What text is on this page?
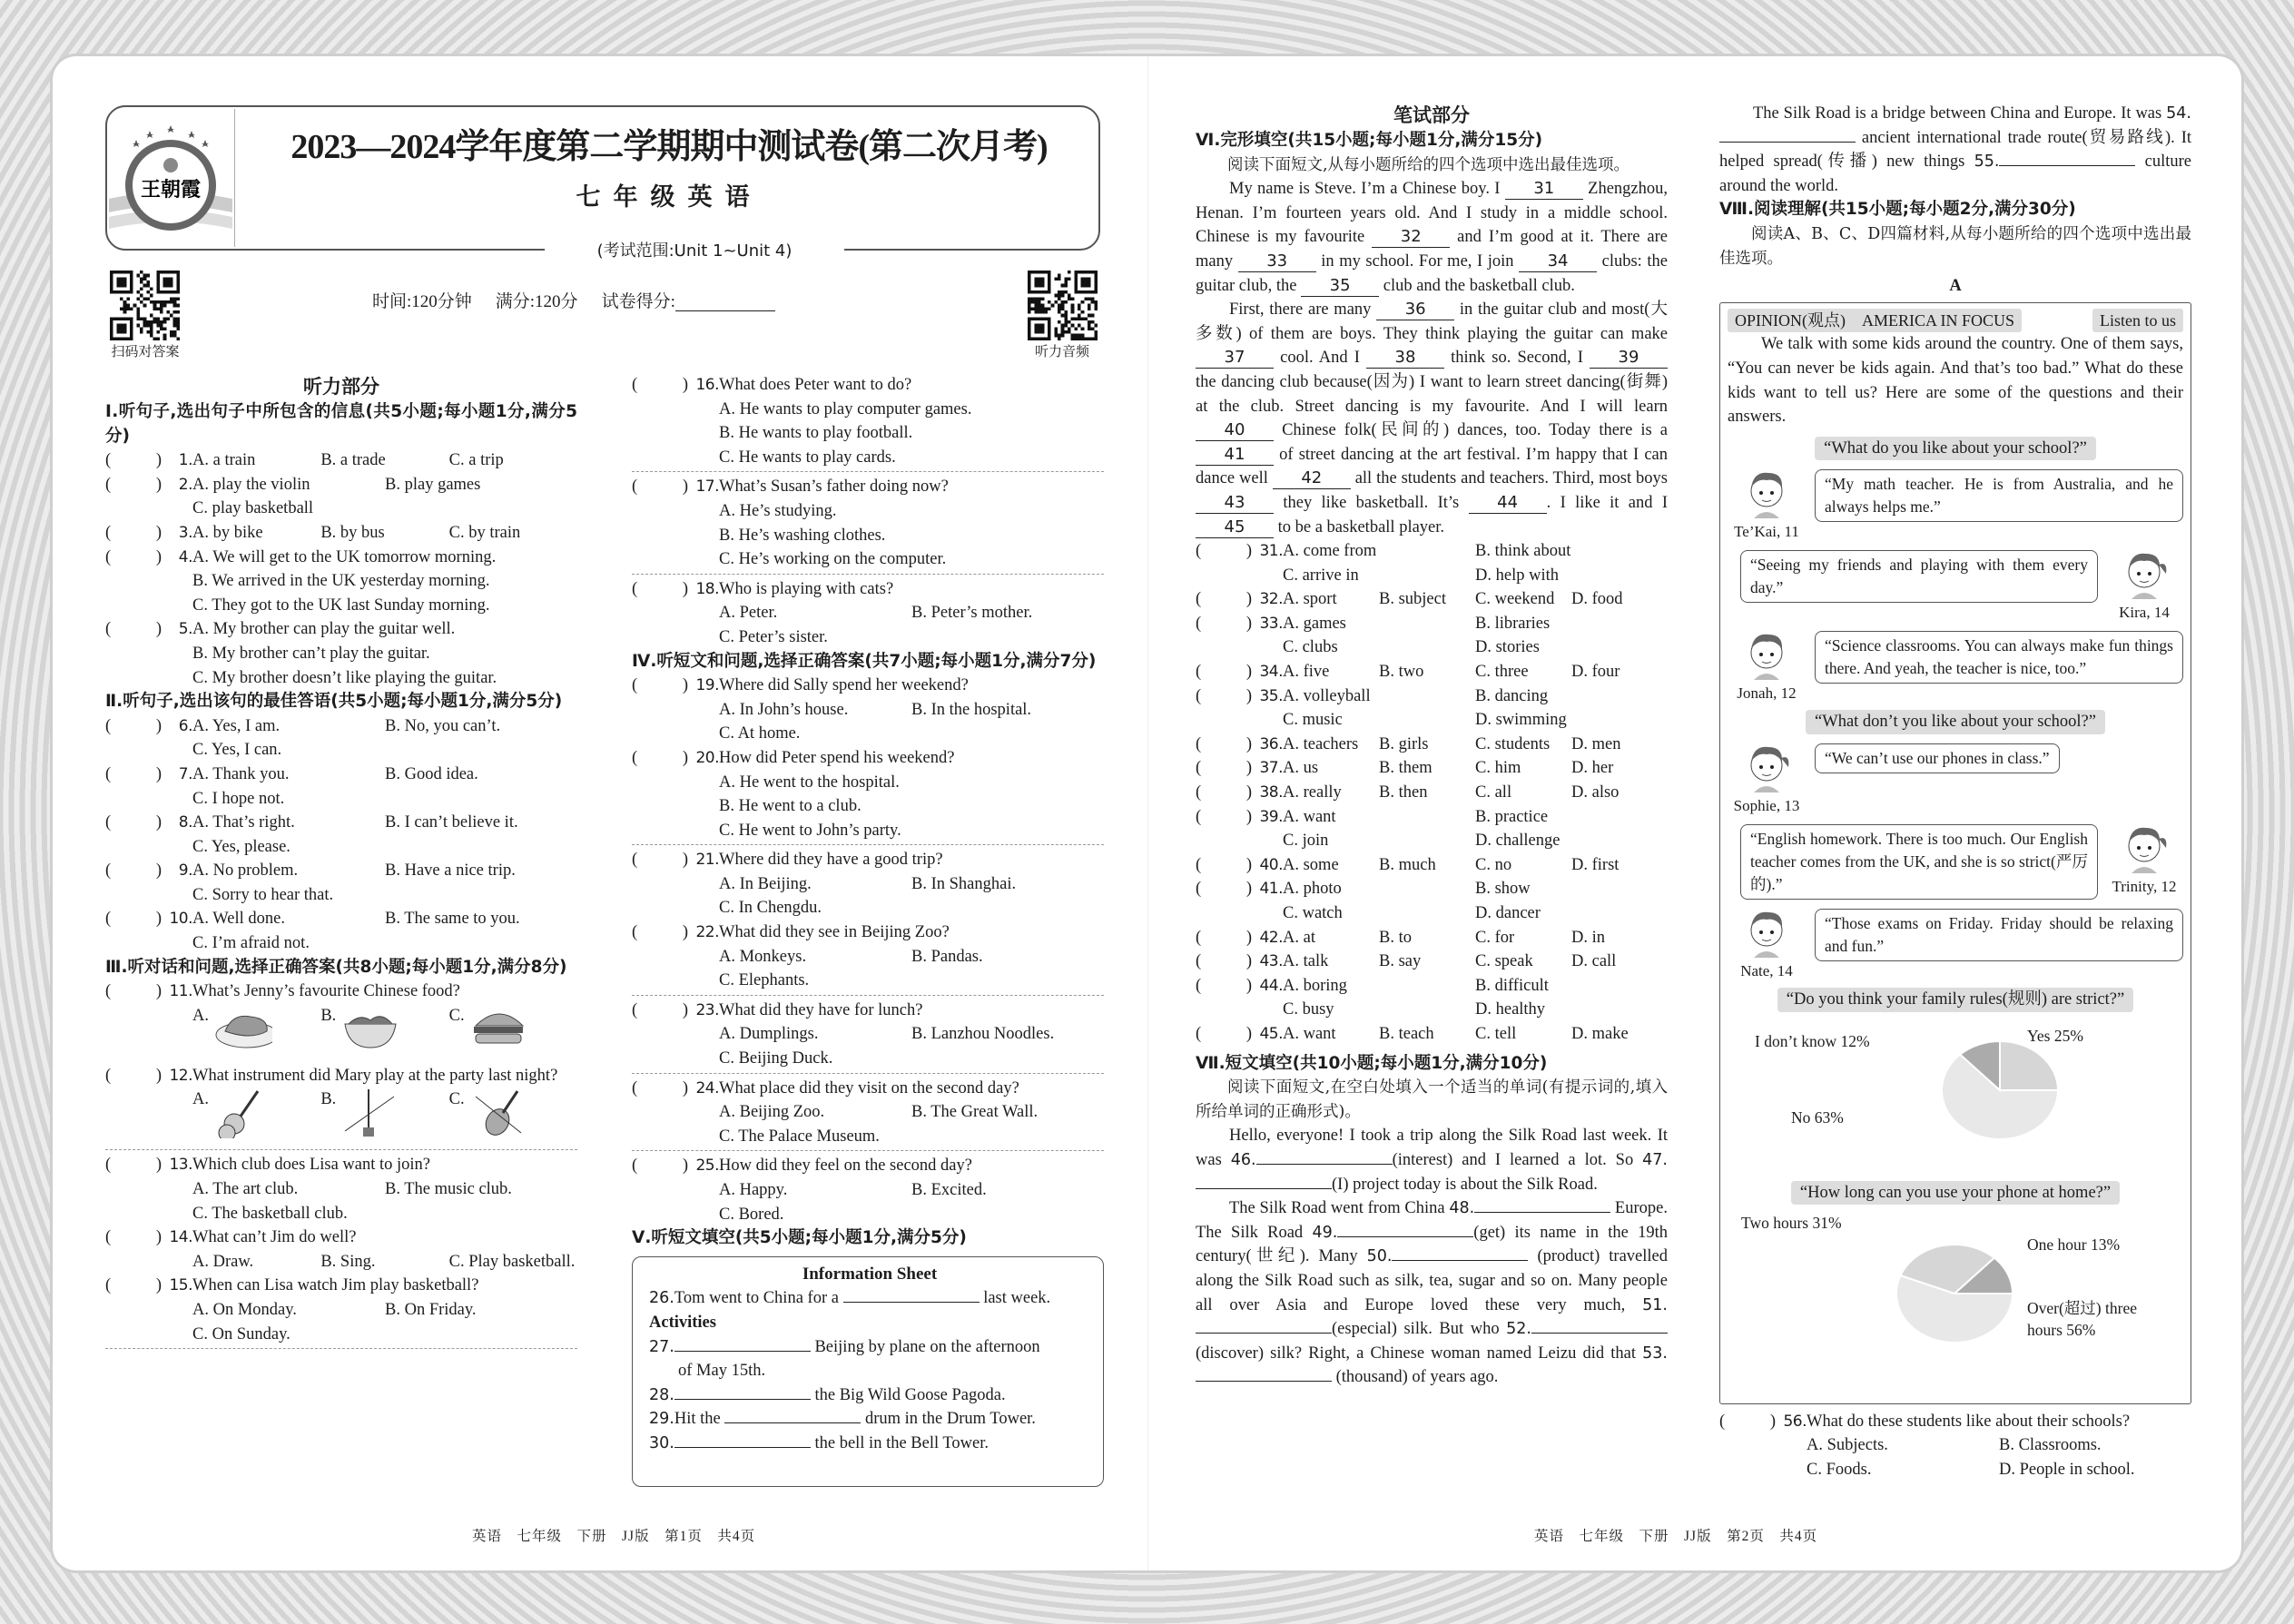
王朝霞
2023—2024学年度第二学期期中测试卷(第二次月考)
七年级英语
(考试范围:Unit 1~Unit 4)
扫码对答案	听力音频
时间:120分钟 满分:120分 试卷得分:
听力部分
Ⅰ.听句子,选出句子中所包含的信息(共5小题;每小题1分,满分5分)
( )
1. A. a train	B. a trade	C. a trip
( )
2. A. play the violin	B. play games
C. play basketball
( )
3. A. by bike	B. by bus	C. by train
( )
4. A. We will get to the UK tomorrow morning.
B. We arrived in the UK yesterday morning.
C. They got to the UK last Sunday morning.
( )
5. A. My brother can play the guitar well.
B. My brother can’t play the guitar.
C. My brother doesn’t like playing the guitar.
Ⅱ.听句子,选出该句的最佳答语(共5小题;每小题1分,满分5分)
( )
6. A. Yes, I am.	B. No, you can’t.
C. Yes, I can.
( )
7. A. Thank you.	B. Good idea.
C. I hope not.
( )
8. A. That’s right.	B. I can’t believe it.
C. Yes, please.
( )
9. A. No problem.	B. Have a nice trip.
C. Sorry to hear that.
( )
10. A. Well done.	B. The same to you.
C. I’m afraid not.
Ⅲ.听对话和问题,选择正确答案(共8小题;每小题1分,满分8分)
( )
11. What’s Jenny’s favourite Chinese food?
A.	B.	C.
( )
12. What instrument did Mary play at the party last night?
A.	B.	C.
( )
13. Which club does Lisa want to join?
A. The art club.	B. The music club.
C. The basketball club.
( )
14. What can’t Jim do well?
A. Draw.	B. Sing.	C. Play basketball.
( )
15. When can Lisa watch Jim play basketball?
A. On Monday.	B. On Friday.
C. On Sunday.
( )
16. What does Peter want to do?
A. He wants to play computer games.
B. He wants to play football.
C. He wants to play cards.
( )
17. What’s Susan’s father doing now?
A. He’s studying.
B. He’s washing clothes.
C. He’s working on the computer.
( )
18. Who is playing with cats?
A. Peter.	B. Peter’s mother.
C. Peter’s sister.
Ⅳ.听短文和问题,选择正确答案(共7小题;每小题1分,满分7分)
( )
19. Where did Sally spend her weekend?
A. In John’s house.	B. In the hospital.
C. At home.
( )
20. How did Peter spend his weekend?
A. He went to the hospital.
B. He went to a club.
C. He went to John’s party.
( )
21. Where did they have a good trip?
A. In Beijing.	B. In Shanghai.
C. In Chengdu.
( )
22. What did they see in Beijing Zoo?
A. Monkeys.	B. Pandas.
C. Elephants.
( )
23. What did they have for lunch?
A. Dumplings.	B. Lanzhou Noodles.
C. Beijing Duck.
( )
24. What place did they visit on the second day?
A. Beijing Zoo.	B. The Great Wall.
C. The Palace Museum.
( )
25. How did they feel on the second day?
A. Happy.	B. Excited.
C. Bored.
Ⅴ.听短文填空(共5小题;每小题1分,满分5分)
Information Sheet
26.Tom went to China for a	last week.
Activities
27.	Beijing by plane on the afternoon
of May 15th.
28.	the Big Wild Goose Pagoda.
29.Hit the	drum in the Drum Tower.
30.	the bell in the Bell Tower.
笔试部分
Ⅵ.完形填空(共15小题;每小题1分,满分15分)
阅读下面短文,从每小题所给的四个选项中选出最佳选项。
My name is Steve. I’m a Chinese boy. I 31 Zhengzhou, Henan. I’m fourteen years old. And I study in a middle school. Chinese is my favourite 32 and I’m good at it. There are many 33 in my school. For me, I join 34 clubs: the guitar club, the 35 club and the basketball club.
First, there are many 36 in the guitar club and most(大多数) of them are boys. They think playing the guitar can make 37 cool. And I 38 think so. Second, I 39 the dancing club because(因为) I want to learn street dancing(街舞) at the club. Street dancing is my favourite. And I will learn 40 Chinese folk(民间的) dances, too. Today there is a 41 of street dancing at the art festival. I’m happy that I can dance well 42 all the students and teachers. Third, most boys 43 they like basketball. It’s 44 . I like it and I 45 to be a basketball player.
( )
31. A. come from	B. think about
C. arrive in	D. help with
( )
32. A. sport	B. subject	C. weekend	D. food
( )
33. A. games	B. libraries
C. clubs	D. stories
( )
34. A. five	B. two	C. three	D. four
( )
35. A. volleyball	B. dancing
C. music	D. swimming
( )
36. A. teachers	B. girls	C. students	D. men
( )
37. A. us	B. them	C. him	D. her
( )
38. A. really	B. then	C. all	D. also
( )
39. A. want	B. practice
C. join	D. challenge
( )
40. A. some	B. much	C. no	D. first
( )
41. A. photo	B. show
C. watch	D. dancer
( )
42. A. at	B. to	C. for	D. in
( )
43. A. talk	B. say	C. speak	D. call
( )
44. A. boring	B. difficult
C. busy	D. healthy
( )
45. A. want	B. teach	C. tell	D. make
Ⅶ.短文填空(共10小题;每小题1分,满分10分)
阅读下面短文,在空白处填入一个适当的单词(有提示词的,填入所给单词的正确形式)。
Hello, everyone! I took a trip along the Silk Road last week. It was 46.	(interest) and I learned a lot. So 47.(I) project today is about the Silk Road.
The Silk Road went from China 48.	Europe. The Silk Road 49.	(get) its name in the 19th century(世纪). Many 50.	(product) travelled along the Silk Road such as silk, tea, sugar and so on. Many people all over Asia and Europe loved these very much, 51.(especial) silk. But who 52.(discover) silk? Right, a Chinese woman named Leizu did that 53. (thousand) of years ago.
The Silk Road is a bridge between China and Europe. It was 54. ancient international trade route(贸易路线). It helped spread(传播) new things 55.	culture around the world.
Ⅷ.阅读理解(共15小题;每小题2分,满分30分)
阅读A、B、C、D四篇材料,从每小题所给的四个选项中选出最佳选项。
A
OPINION(观点)　AMERICA IN FOCUS	Listen to us
We talk with some kids around the country. One of them says, “You can never be kids again. And that’s too bad.” What do these kids want to tell us? Here are some of the questions and their answers.
“What do you like about your school?”
Te’Kai, 11
“My math teacher. He is from Australia, and he always helps me.”
“Seeing my friends and playing with them every day.”
Kira, 14
Jonah, 12
“Science classrooms. You can always make fun things there. And yeah, the teacher is nice, too.”
“What don’t you like about your school?”
Sophie, 13
“We can’t use our phones in class.”
“English homework. There is too much. Our English teacher comes from the UK, and she is so strict(严厉的).”	Trinity, 12
Nate, 14
“Those exams on Friday. Friday should be relaxing and fun.”
“Do you think your family rules(规则) are strict?”
Yes 25%
No 63%
I don’t know 12%
“How long can you use your phone at home?”
One hour 13%
Two hours 31%
Over(超过) three hours 56%
( )
56. What do these students like about their schools?
A. Subjects.	B. Classrooms.
C. Foods.	D. People in school.
英语　七年级　下册　JJ版　第1页　共4页	英语　七年级　下册　JJ版　第2页　共4页
